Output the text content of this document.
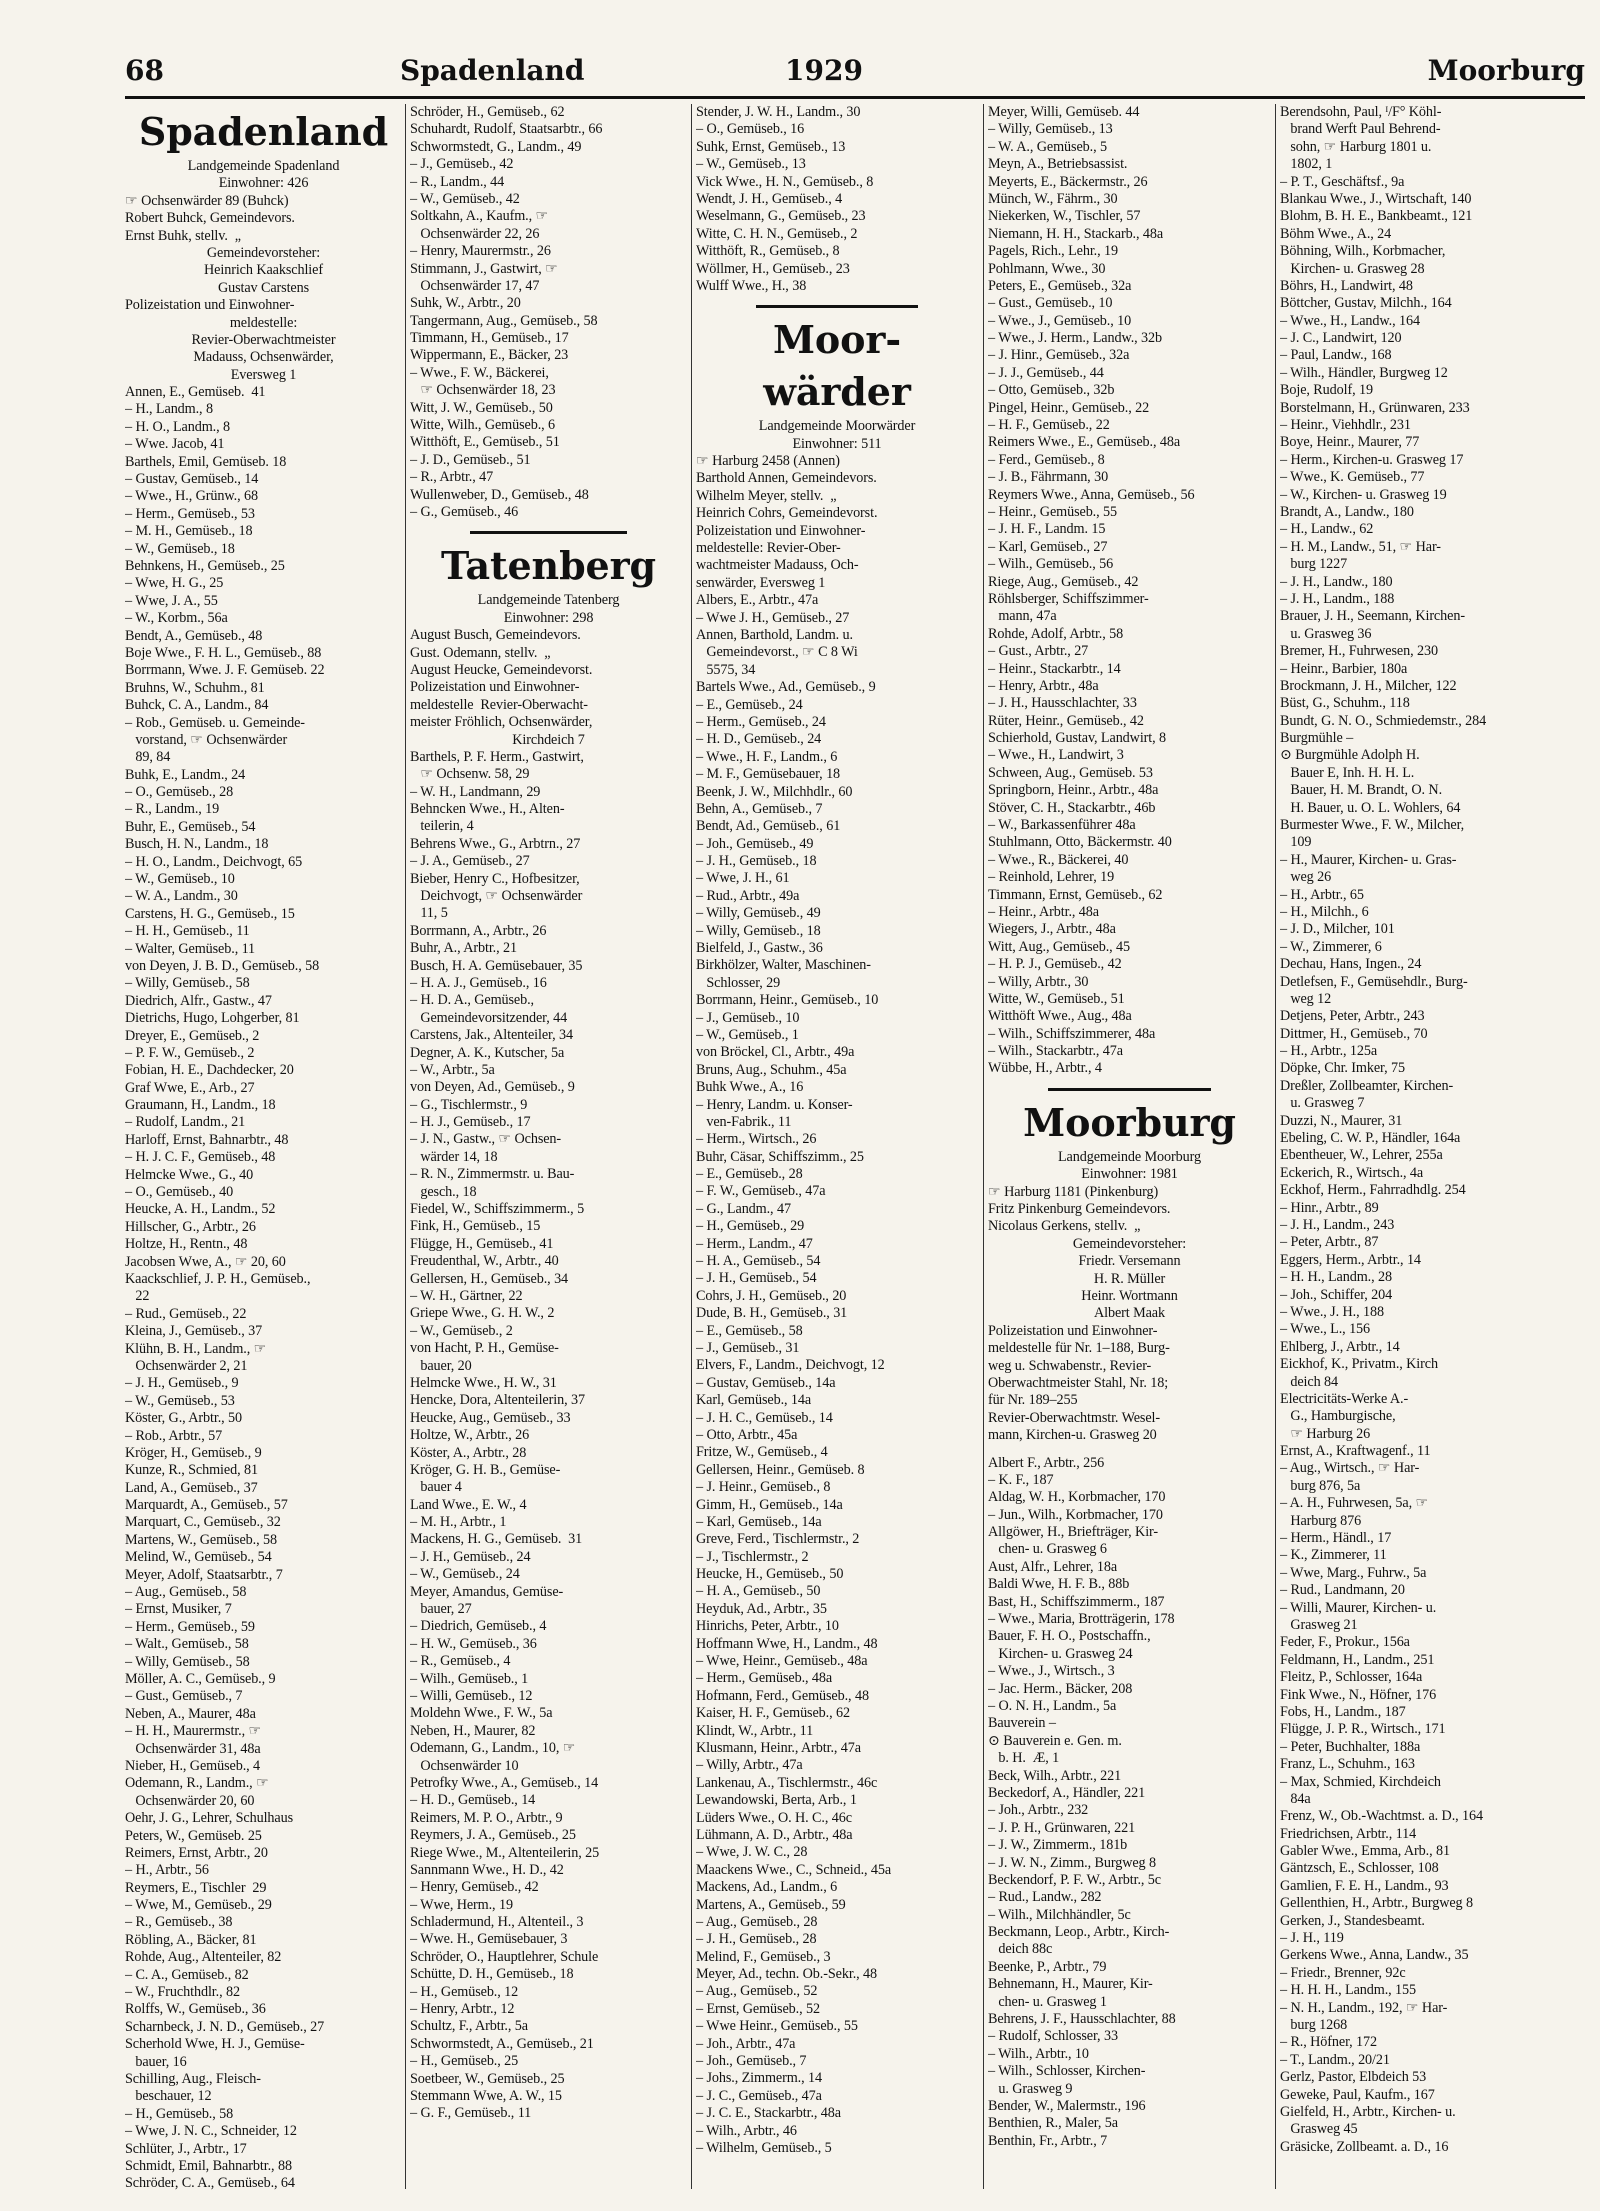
68	Spadenland	1929	Moorburg
Spadenland
Landgemeinde Spadenland
Einwohner: 426
☞ Ochsenwärder 89 (Buhck)
Robert Buhck, Gemeindevors.
Ernst Buhk, stellv.  „
Gemeindevorsteher:
Heinrich Kaakschlief
Gustav Carstens
Polizeistation und Einwohner-
meldestelle:
Revier-Oberwachtmeister
Madauss, Ochsenwärder,
Eversweg 1
Annen, E., Gemüseb.  41
– H., Landm., 8
– H. O., Landm., 8
– Wwe. Jacob, 41
Barthels, Emil, Gemüseb. 18
– Gustav, Gemüseb., 14
– Wwe., H., Grünw., 68
– Herm., Gemüseb., 53
– M. H., Gemüseb., 18
– W., Gemüseb., 18
Behnkens, H., Gemüseb., 25
– Wwe, H. G., 25
– Wwe, J. A., 55
– W., Korbm., 56a
Bendt, A., Gemüseb., 48
Boje Wwe., F. H. L., Gemüseb., 88
Borrmann, Wwe. J. F. Gemüseb. 22
Bruhns, W., Schuhm., 81
Buhck, C. A., Landm., 84
– Rob., Gemüseb. u. Gemeinde-
vorstand, ☞ Ochsenwärder
89, 84
Buhk, E., Landm., 24
– O., Gemüseb., 28
– R., Landm., 19
Buhr, E., Gemüseb., 54
Busch, H. N., Landm., 18
– H. O., Landm., Deichvogt, 65
– W., Gemüseb., 10
– W. A., Landm., 30
Carstens, H. G., Gemüseb., 15
– H. H., Gemüseb., 11
– Walter, Gemüseb., 11
von Deyen, J. B. D., Gemüseb., 58
– Willy, Gemüseb., 58
Diedrich, Alfr., Gastw., 47
Dietrichs, Hugo, Lohgerber, 81
Dreyer, E., Gemüseb., 2
– P. F. W., Gemüseb., 2
Fobian, H. E., Dachdecker, 20
Graf Wwe, E., Arb., 27
Graumann, H., Landm., 18
– Rudolf, Landm., 21
Harloff, Ernst, Bahnarbtr., 48
– H. J. C. F., Gemüseb., 48
Helmcke Wwe., G., 40
– O., Gemüseb., 40
Heucke, A. H., Landm., 52
Hillscher, G., Arbtr., 26
Holtze, H., Rentn., 48
Jacobsen Wwe, A., ☞ 20, 60
Kaackschlief, J. P. H., Gemüseb.,
22
– Rud., Gemüseb., 22
Kleina, J., Gemüseb., 37
Klühn, B. H., Landm., ☞
Ochsenwärder 2, 21
– J. H., Gemüseb., 9
– W., Gemüseb., 53
Köster, G., Arbtr., 50
– Rob., Arbtr., 57
Kröger, H., Gemüseb., 9
Kunze, R., Schmied, 81
Land, A., Gemüseb., 37
Marquardt, A., Gemüseb., 57
Marquart, C., Gemüseb., 32
Martens, W., Gemüseb., 58
Melind, W., Gemüseb., 54
Meyer, Adolf, Staatsarbtr., 7
– Aug., Gemüseb., 58
– Ernst, Musiker, 7
– Herm., Gemüseb., 59
– Walt., Gemüseb., 58
– Willy, Gemüseb., 58
Möller, A. C., Gemüseb., 9
– Gust., Gemüseb., 7
Neben, A., Maurer, 48a
– H. H., Maurermstr., ☞
Ochsenwärder 31, 48a
Nieber, H., Gemüseb., 4
Odemann, R., Landm., ☞
Ochsenwärder 20, 60
Oehr, J. G., Lehrer, Schulhaus
Peters, W., Gemüseb. 25
Reimers, Ernst, Arbtr., 20
– H., Arbtr., 56
Reymers, E., Tischler  29
– Wwe, M., Gemüseb., 29
– R., Gemüseb., 38
Röbling, A., Bäcker, 81
Rohde, Aug., Altenteiler, 82
– C. A., Gemüseb., 82
– W., Fruchthdlr., 82
Rolffs, W., Gemüseb., 36
Scharnbeck, J. N. D., Gemüseb., 27
Scherhold Wwe, H. J., Gemüse-
bauer, 16
Schilling, Aug., Fleisch-
beschauer, 12
– H., Gemüseb., 58
– Wwe, J. N. C., Schneider, 12
Schlüter, J., Arbtr., 17
Schmidt, Emil, Bahnarbtr., 88
Schröder, C. A., Gemüseb., 64
Schröder, H., Gemüseb., 62
Schuhardt, Rudolf, Staatsarbtr., 66
Schwormstedt, G., Landm., 49
– J., Gemüseb., 42
– R., Landm., 44
– W., Gemüseb., 42
Soltkahn, A., Kaufm., ☞
Ochsenwärder 22, 26
– Henry, Maurermstr., 26
Stimmann, J., Gastwirt, ☞
Ochsenwärder 17, 47
Suhk, W., Arbtr., 20
Tangermann, Aug., Gemüseb., 58
Timmann, H., Gemüseb., 17
Wippermann, E., Bäcker, 23
– Wwe., F. W., Bäckerei,
☞ Ochsenwärder 18, 23
Witt, J. W., Gemüseb., 50
Witte, Wilh., Gemüseb., 6
Witthöft, E., Gemüseb., 51
– J. D., Gemüseb., 51
– R., Arbtr., 47
Wullenweber, D., Gemüseb., 48
– G., Gemüseb., 46
Tatenberg
Landgemeinde Tatenberg
Einwohner: 298
August Busch, Gemeindevors.
Gust. Odemann, stellv.  „
August Heucke, Gemeindevorst.
Polizeistation und Einwohner-
meldestelle  Revier-Oberwacht-
meister Fröhlich, Ochsenwärder,
Kirchdeich 7
Barthels, P. F. Herm., Gastwirt,
☞ Ochsenw. 58, 29
– W. H., Landmann, 29
Behncken Wwe., H., Alten-
teilerin, 4
Behrens Wwe., G., Arbtrn., 27
– J. A., Gemüseb., 27
Bieber, Henry C., Hofbesitzer,
Deichvogt, ☞ Ochsenwärder
11, 5
Borrmann, A., Arbtr., 26
Buhr, A., Arbtr., 21
Busch, H. A. Gemüsebauer, 35
– H. A. J., Gemüseb., 16
– H. D. A., Gemüseb.,
Gemeindevorsitzender, 44
Carstens, Jak., Altenteiler, 34
Degner, A. K., Kutscher, 5a
– W., Arbtr., 5a
von Deyen, Ad., Gemüseb., 9
– G., Tischlermstr., 9
– H. J., Gemüseb., 17
– J. N., Gastw., ☞ Ochsen-
wärder 14, 18
– R. N., Zimmermstr. u. Bau-
gesch., 18
Fiedel, W., Schiffszimmerm., 5
Fink, H., Gemüseb., 15
Flügge, H., Gemüseb., 41
Freudenthal, W., Arbtr., 40
Gellersen, H., Gemüseb., 34
– W. H., Gärtner, 22
Griepe Wwe., G. H. W., 2
– W., Gemüseb., 2
von Hacht, P. H., Gemüse-
bauer, 20
Helmcke Wwe., H. W., 31
Hencke, Dora, Altenteilerin, 37
Heucke, Aug., Gemüseb., 33
Holtze, W., Arbtr., 26
Köster, A., Arbtr., 28
Kröger, G. H. B., Gemüse-
bauer 4
Land Wwe., E. W., 4
– M. H., Arbtr., 1
Mackens, H. G., Gemüseb.  31
– J. H., Gemüseb., 24
– W., Gemüseb., 24
Meyer, Amandus, Gemüse-
bauer, 27
– Diedrich, Gemüseb., 4
– H. W., Gemüseb., 36
– R., Gemüseb., 4
– Wilh., Gemüseb., 1
– Willi, Gemüseb., 12
Moldehn Wwe., F. W., 5a
Neben, H., Maurer, 82
Odemann, G., Landm., 10, ☞
Ochsenwärder 10
Petrofky Wwe., A., Gemüseb., 14
– H. D., Gemüseb., 14
Reimers, M. P. O., Arbtr., 9
Reymers, J. A., Gemüseb., 25
Riege Wwe., M., Altenteilerin, 25
Sannmann Wwe., H. D., 42
– Henry, Gemüseb., 42
– Wwe, Herm., 19
Schladermund, H., Altenteil., 3
– Wwe. H., Gemüsebauer, 3
Schröder, O., Hauptlehrer, Schule
Schütte, D. H., Gemüseb., 18
– H., Gemüseb., 12
– Henry, Arbtr., 12
Schultz, F., Arbtr., 5a
Schwormstedt, A., Gemüseb., 21
– H., Gemüseb., 25
Soetbeer, W., Gemüseb., 25
Stemmann Wwe, A. W., 15
– G. F., Gemüseb., 11
Stender, J. W. H., Landm., 30
– O., Gemüseb., 16
Suhk, Ernst, Gemüseb., 13
– W., Gemüseb., 13
Vick Wwe., H. N., Gemüseb., 8
Wendt, J. H., Gemüseb., 4
Weselmann, G., Gemüseb., 23
Witte, C. H. N., Gemüseb., 2
Witthöft, R., Gemüseb., 8
Wöllmer, H., Gemüseb., 23
Wulff Wwe., H., 38
Moor-
wärder
Landgemeinde Moorwärder
Einwohner: 511
☞ Harburg 2458 (Annen)
Barthold Annen, Gemeindevors.
Wilhelm Meyer, stellv.  „
Heinrich Cohrs, Gemeindevorst.
Polizeistation und Einwohner-
meldestelle: Revier-Ober-
wachtmeister Madauss, Och-
senwärder, Eversweg 1
Albers, E., Arbtr., 47a
– Wwe J. H., Gemüseb., 27
Annen, Barthold, Landm. u.
Gemeindevorst., ☞ C 8 Wi
5575, 34
Bartels Wwe., Ad., Gemüseb., 9
– E., Gemüseb., 24
– Herm., Gemüseb., 24
– H. D., Gemüseb., 24
– Wwe., H. F., Landm., 6
– M. F., Gemüsebauer, 18
Beenk, J. W., Milchhdlr., 60
Behn, A., Gemüseb., 7
Bendt, Ad., Gemüseb., 61
– Joh., Gemüseb., 49
– J. H., Gemüseb., 18
– Wwe, J. H., 61
– Rud., Arbtr., 49a
– Willy, Gemüseb., 49
– Willy, Gemüseb., 18
Bielfeld, J., Gastw., 36
Birkhölzer, Walter, Maschinen-
Schlosser, 29
Borrmann, Heinr., Gemüseb., 10
– J., Gemüseb., 10
– W., Gemüseb., 1
von Bröckel, Cl., Arbtr., 49a
Bruns, Aug., Schuhm., 45a
Buhk Wwe., A., 16
– Henry, Landm. u. Konser-
ven-Fabrik., 11
– Herm., Wirtsch., 26
Buhr, Cäsar, Schiffszimm., 25
– E., Gemüseb., 28
– F. W., Gemüseb., 47a
– G., Landm., 47
– H., Gemüseb., 29
– Herm., Landm., 47
– H. A., Gemüseb., 54
– J. H., Gemüseb., 54
Cohrs, J. H., Gemüseb., 20
Dude, B. H., Gemüseb., 31
– E., Gemüseb., 58
– J., Gemüseb., 31
Elvers, F., Landm., Deichvogt, 12
– Gustav, Gemüseb., 14a
Karl, Gemüseb., 14a
– J. H. C., Gemüseb., 14
– Otto, Arbtr., 45a
Fritze, W., Gemüseb., 4
Gellersen, Heinr., Gemüseb. 8
– J. Heinr., Gemüseb., 8
Gimm, H., Gemüseb., 14a
– Karl, Gemüseb., 14a
Greve, Ferd., Tischlermstr., 2
– J., Tischlermstr., 2
Heucke, H., Gemüseb., 50
– H. A., Gemüseb., 50
Heyduk, Ad., Arbtr., 35
Hinrichs, Peter, Arbtr., 10
Hoffmann Wwe, H., Landm., 48
– Wwe, Heinr., Gemüseb., 48a
– Herm., Gemüseb., 48a
Hofmann, Ferd., Gemüseb., 48
Kaiser, H. F., Gemüseb., 62
Klindt, W., Arbtr., 11
Klusmann, Heinr., Arbtr., 47a
– Willy, Arbtr., 47a
Lankenau, A., Tischlermstr., 46c
Lewandowski, Berta, Arb., 1
Lüders Wwe., O. H. C., 46c
Lühmann, A. D., Arbtr., 48a
– Wwe, J. W. C., 28
Maackens Wwe., C., Schneid., 45a
Mackens, Ad., Landm., 6
Martens, A., Gemüseb., 59
– Aug., Gemüseb., 28
– J. H., Gemüseb., 28
Melind, F., Gemüseb., 3
Meyer, Ad., techn. Ob.-Sekr., 48
– Aug., Gemüseb., 52
– Ernst, Gemüseb., 52
– Wwe Heinr., Gemüseb., 55
– Joh., Arbtr., 47a
– Joh., Gemüseb., 7
– Johs., Zimmerm., 14
– J. C., Gemüseb., 47a
– J. C. E., Stackarbtr., 48a
– Wilh., Arbtr., 46
– Wilhelm, Gemüseb., 5
Meyer, Willi, Gemüseb. 44
– Willy, Gemüseb., 13
– W. A., Gemüseb., 5
Meyn, A., Betriebsassist.
Meyerts, E., Bäckermstr., 26
Münch, W., Fährm., 30
Niekerken, W., Tischler, 57
Niemann, H. H., Stackarb., 48a
Pagels, Rich., Lehr., 19
Pohlmann, Wwe., 30
Peters, E., Gemüseb., 32a
– Gust., Gemüseb., 10
– Wwe., J., Gemüseb., 10
– Wwe., J. Herm., Landw., 32b
– J. Hinr., Gemüseb., 32a
– J. J., Gemüseb., 44
– Otto, Gemüseb., 32b
Pingel, Heinr., Gemüseb., 22
– H. F., Gemüseb., 22
Reimers Wwe., E., Gemüseb., 48a
– Ferd., Gemüseb., 8
– J. B., Fährmann, 30
Reymers Wwe., Anna, Gemüseb., 56
– Heinr., Gemüseb., 55
– J. H. F., Landm. 15
– Karl, Gemüseb., 27
– Wilh., Gemüseb., 56
Riege, Aug., Gemüseb., 42
Röhlsberger, Schiffszimmer-
mann, 47a
Rohde, Adolf, Arbtr., 58
– Gust., Arbtr., 27
– Heinr., Stackarbtr., 14
– Henry, Arbtr., 48a
– J. H., Hausschlachter, 33
Rüter, Heinr., Gemüseb., 42
Schierhold, Gustav, Landwirt, 8
– Wwe., H., Landwirt, 3
Schween, Aug., Gemüseb. 53
Springborn, Heinr., Arbtr., 48a
Stöver, C. H., Stackarbtr., 46b
– W., Barkassenführer 48a
Stuhlmann, Otto, Bäckermstr. 40
– Wwe., R., Bäckerei, 40
– Reinhold, Lehrer, 19
Timmann, Ernst, Gemüseb., 62
– Heinr., Arbtr., 48a
Wiegers, J., Arbtr., 48a
Witt, Aug., Gemüseb., 45
– H. P. J., Gemüseb., 42
– Willy, Arbtr., 30
Witte, W., Gemüseb., 51
Witthöft Wwe., Aug., 48a
– Wilh., Schiffszimmerer, 48a
– Wilh., Stackarbtr., 47a
Wübbe, H., Arbtr., 4
Moorburg
Landgemeinde Moorburg
Einwohner: 1981
☞ Harburg 1181 (Pinkenburg)
Fritz Pinkenburg Gemeindevors.
Nicolaus Gerkens, stellv.  „
Gemeindevorsteher:
Friedr. Versemann
H. R. Müller
Heinr. Wortmann
Albert Maak
Polizeistation und Einwohner-
meldestelle für Nr. 1–188, Burg-
weg u. Schwabenstr., Revier-
Oberwachtmeister Stahl, Nr. 18;
für Nr. 189–255
Revier-Oberwachtmstr. Wesel-
mann, Kirchen-u. Grasweg 20
Albert F., Arbtr., 256
– K. F., 187
Aldag, W. H., Korbmacher, 170
– Jun., Wilh., Korbmacher, 170
Allgöwer, H., Briefträger, Kir-
chen- u. Grasweg 6
Aust, Alfr., Lehrer, 18a
Baldi Wwe, H. F. B., 88b
Bast, H., Schiffszimmerm., 187
– Wwe., Maria, Brotträgerin, 178
Bauer, F. H. O., Postschaffn.,
Kirchen- u. Grasweg 24
– Wwe., J., Wirtsch., 3
– Jac. Herm., Bäcker, 208
– O. N. H., Landm., 5a
Bauverein –
⊙ Bauverein e. Gen. m.
b. H.  Æ, 1
Beck, Wilh., Arbtr., 221
Beckedorf, A., Händler, 221
– Joh., Arbtr., 232
– J. P. H., Grünwaren, 221
– J. W., Zimmerm., 181b
– J. W. N., Zimm., Burgweg 8
Beckendorf, P. F. W., Arbtr., 5c
– Rud., Landw., 282
– Wilh., Milchhändler, 5c
Beckmann, Leop., Arbtr., Kirch-
deich 88c
Beenke, P., Arbtr., 79
Behnemann, H., Maurer, Kir-
chen- u. Grasweg 1
Behrens, J. F., Hausschlachter, 88
– Rudolf, Schlosser, 33
– Wilh., Arbtr., 10
– Wilh., Schlosser, Kirchen-
u. Grasweg 9
Bender, W., Malermstr., 196
Benthien, R., Maler, 5a
Benthin, Fr., Arbtr., 7
Berendsohn, Paul, ᴵ/F° Köhl-
brand Werft Paul Behrend-
sohn, ☞ Harburg 1801 u.
1802, 1
– P. T., Geschäftsf., 9a
Blankau Wwe., J., Wirtschaft, 140
Blohm, B. H. E., Bankbeamt., 121
Böhm Wwe., A., 24
Böhning, Wilh., Korbmacher,
Kirchen- u. Grasweg 28
Böhrs, H., Landwirt, 48
Böttcher, Gustav, Milchh., 164
– Wwe., H., Landw., 164
– J. C., Landwirt, 120
– Paul, Landw., 168
– Wilh., Händler, Burgweg 12
Boje, Rudolf, 19
Borstelmann, H., Grünwaren, 233
– Heinr., Viehhdlr., 231
Boye, Heinr., Maurer, 77
– Herm., Kirchen-u. Grasweg 17
– Wwe., K. Gemüseb., 77
– W., Kirchen- u. Grasweg 19
Brandt, A., Landw., 180
– H., Landw., 62
– H. M., Landw., 51, ☞ Har-
burg 1227
– J. H., Landw., 180
– J. H., Landm., 188
Brauer, J. H., Seemann, Kirchen-
u. Grasweg 36
Bremer, H., Fuhrwesen, 230
– Heinr., Barbier, 180a
Brockmann, J. H., Milcher, 122
Büst, G., Schuhm., 118
Bundt, G. N. O., Schmiedemstr., 284
Burgmühle –
⊙ Burgmühle Adolph H.
Bauer E, Inh. H. H. L.
Bauer, H. M. Brandt, O. N.
H. Bauer, u. O. L. Wohlers, 64
Burmester Wwe., F. W., Milcher,
109
– H., Maurer, Kirchen- u. Gras-
weg 26
– H., Arbtr., 65
– H., Milchh., 6
– J. D., Milcher, 101
– W., Zimmerer, 6
Dechau, Hans, Ingen., 24
Detlefsen, F., Gemüsehdlr., Burg-
weg 12
Detjens, Peter, Arbtr., 243
Dittmer, H., Gemüseb., 70
– H., Arbtr., 125a
Döpke, Chr. Imker, 75
Dreßler, Zollbeamter, Kirchen-
u. Grasweg 7
Duzzi, N., Maurer, 31
Ebeling, C. W. P., Händler, 164a
Ebentheuer, W., Lehrer, 255a
Eckerich, R., Wirtsch., 4a
Eckhof, Herm., Fahrradhdlg. 254
– Hinr., Arbtr., 89
– J. H., Landm., 243
– Peter, Arbtr., 87
Eggers, Herm., Arbtr., 14
– H. H., Landm., 28
– Joh., Schiffer, 204
– Wwe., J. H., 188
– Wwe., L., 156
Ehlberg, J., Arbtr., 14
Eickhof, K., Privatm., Kirch
deich 84
Electricitäts-Werke A.-
G., Hamburgische,
☞ Harburg 26
Ernst, A., Kraftwagenf., 11
– Aug., Wirtsch., ☞ Har-
burg 876, 5a
– A. H., Fuhrwesen, 5a, ☞
Harburg 876
– Herm., Händl., 17
– K., Zimmerer, 11
– Wwe, Marg., Fuhrw., 5a
– Rud., Landmann, 20
– Willi, Maurer, Kirchen- u.
Grasweg 21
Feder, F., Prokur., 156a
Feldmann, H., Landm., 251
Fleitz, P., Schlosser, 164a
Fink Wwe., N., Höfner, 176
Fobs, H., Landm., 187
Flügge, J. P. R., Wirtsch., 171
– Peter, Buchhalter, 188a
Franz, L., Schuhm., 163
– Max, Schmied, Kirchdeich
84a
Frenz, W., Ob.-Wachtmst. a. D., 164
Friedrichsen, Arbtr., 114
Gabler Wwe., Emma, Arb., 81
Gäntzsch, E., Schlosser, 108
Gamlien, F. E. H., Landm., 93
Gellenthien, H., Arbtr., Burgweg 8
Gerken, J., Standesbeamt.
– J. H., 119
Gerkens Wwe., Anna, Landw., 35
– Friedr., Brenner, 92c
– H. H. H., Landm., 155
– N. H., Landm., 192, ☞ Har-
burg 1268
– R., Höfner, 172
– T., Landm., 20/21
Gerlz, Pastor, Elbdeich 53
Geweke, Paul, Kaufm., 167
Gielfeld, H., Arbtr., Kirchen- u.
Grasweg 45
Gräsicke, Zollbeamt. a. D., 16
